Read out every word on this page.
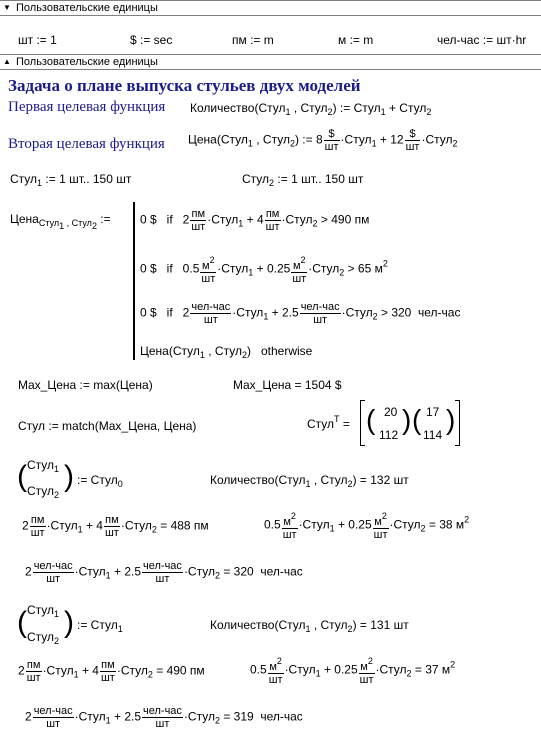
▼ Пользовательские единицы
шт := 1	$ := sec	пм := m	м := m	чел-час := шт·hr
▲ Пользовательские единицы
Задача о плане выпуска стульев двух моделей
Первая целевая функция Количество(Стул$_1$ , Стул$_2$) := Стул$_1$ + Стул$_2$
Вторая целевая функция Цена(Стул$_1$ , Стул$_2$) := $8 \frac{\$}{шт}$ ·Стул$_1$ + $12 \frac{\$}{шт}$ ·Стул$_2$
Стул$_1$ := 1 шт.. 150 шт	Стул$_2$ := 1 шт.. 150 шт
Цена$_{Стул_1 , Стул_2}$ := 0 $   if   $2 \frac{пм}{шт}$ ·Стул$_1$ + $4 \frac{пм}{шт}$ ·Стул$_2$ > 490 пм
0 $   if   $0.5 \frac{м^2}{шт}$ ·Стул$_1$ + $0.25 \frac{м^2}{шт}$ ·Стул$_2$ > 65 $м^2$
0 $   if   $2 \frac{\text{чел-час}}{шт}$ ·Стул$_1$ + $2.5 \frac{\text{чел-час}}{шт}$ ·Стул$_2$ > 320  чел-час
Цена(Стул$_1$ , Стул$_2$)   otherwise
Max_Цена := max(Цена)	Max_Цена = 1504 $
Стул := match(Max_Цена, Цена)	Стул$^T$ = ( ) ( )
20
112
17
114
( )
Стул$_1$
Стул$_2$
:= Стул$_0$	Количество(Стул$_1$ , Стул$_2$) = 132 шт
$2 \frac{пм}{шт}$ ·Стул$_1$ + $4 \frac{пм}{шт}$ ·Стул$_2$ = 488 пм	$0.5 \frac{м^2}{шт}$ ·Стул$_1$ + $0.25 \frac{м^2}{шт}$ ·Стул$_2$ = 38 $м^2$
$2 \frac{\text{чел-час}}{шт}$ ·Стул$_1$ + $2.5 \frac{\text{чел-час}}{шт}$ ·Стул$_2$ = 320  чел-час
( )
Стул$_1$
Стул$_2$
:= Стул$_1$	Количество(Стул$_1$ , Стул$_2$) = 131 шт
$2 \frac{пм}{шт}$ ·Стул$_1$ + $4 \frac{пм}{шт}$ ·Стул$_2$ = 490 пм	$0.5 \frac{м^2}{шт}$ ·Стул$_1$ + $0.25 \frac{м^2}{шт}$ ·Стул$_2$ = 37 $м^2$
$2 \frac{\text{чел-час}}{шт}$ ·Стул$_1$ + $2.5 \frac{\text{чел-час}}{шт}$ ·Стул$_2$ = 319  чел-час
